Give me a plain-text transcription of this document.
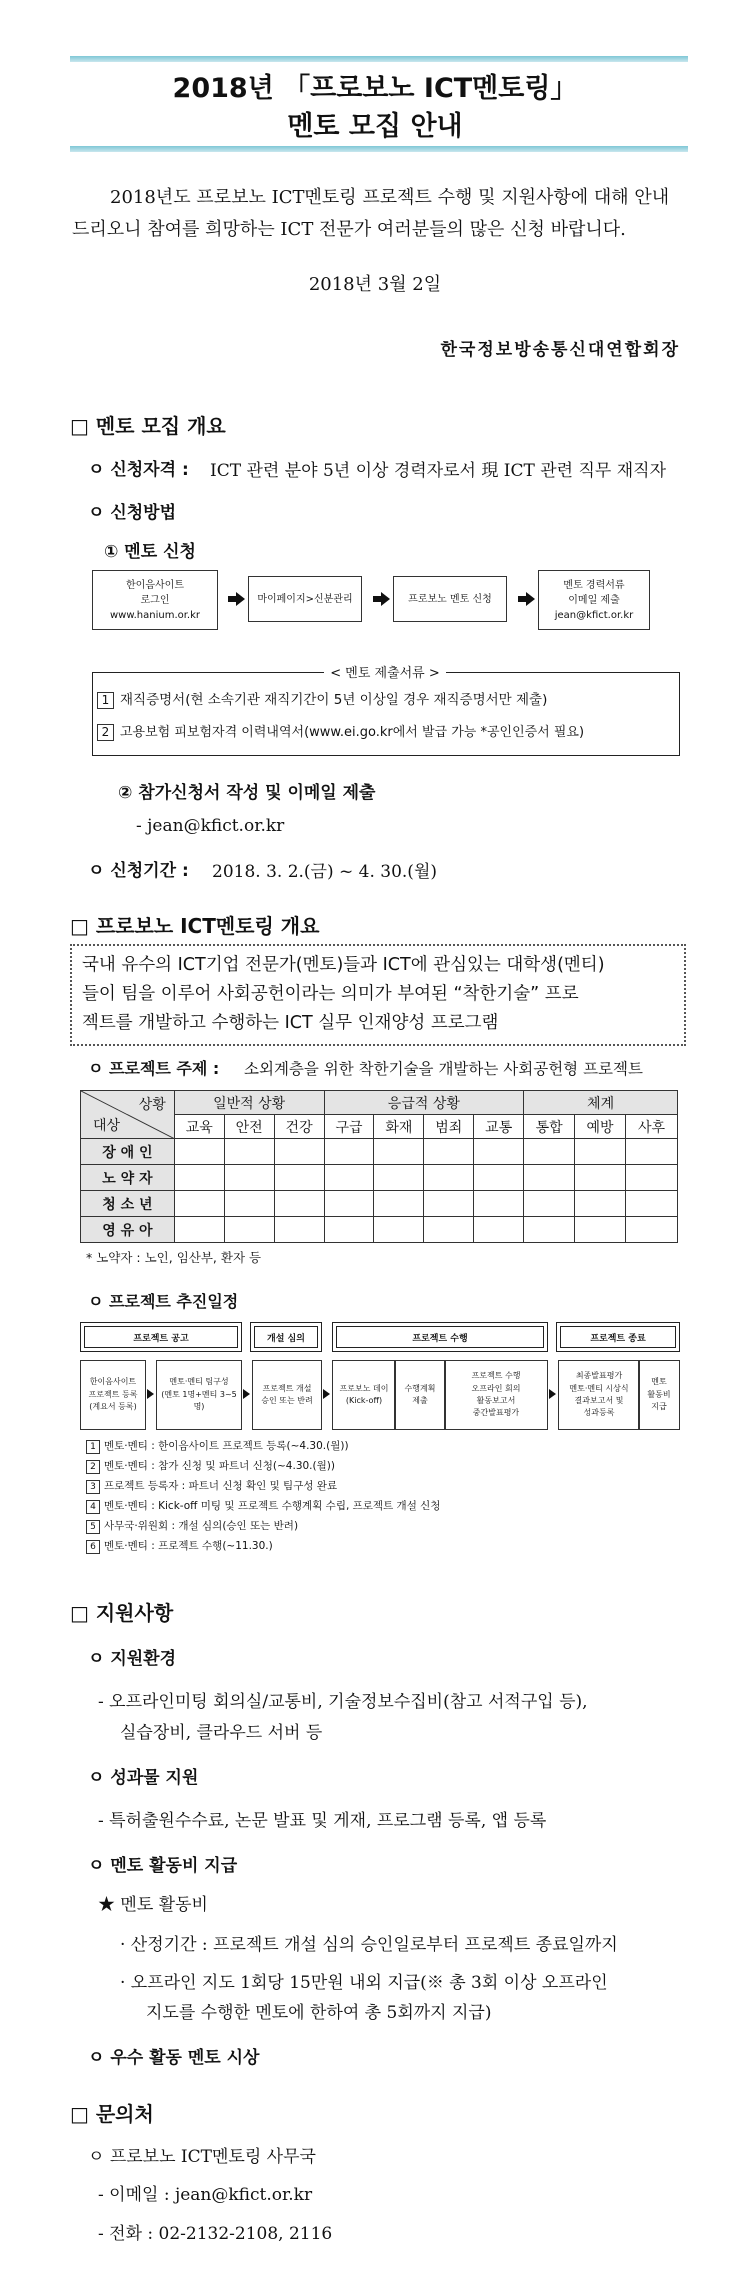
2018년 「프로보노 ICT멘토링」
멘토 모집 안내
2018년도 프로보노 ICT멘토링 프로젝트 수행 및 지원사항에 대해 안내
드리오니 참여를 희망하는 ICT 전문가 여러분들의 많은 신청 바랍니다.
2018년 3월 2일
한국정보방송통신대연합회장
□ 멘토 모집 개요
ㅇ 신청자격 : ICT 관련 분야 5년 이상 경력자로서 現 ICT 관련 직무 재직자
ㅇ 신청방법
① 멘토 신청
한이음사이트
로그인
www.hanium.or.kr
마이페이지>신분관리	프로보노 멘토 신청
멘토 경력서류
이메일 제출
jean@kfict.or.kr
< 멘토 제출서류 >
1 재직증명서(현 소속기관 재직기간이 5년 이상일 경우 재직증명서만 제출)
2 고용보험 피보험자격 이력내역서(www.ei.go.kr에서 발급 가능 *공인인증서 필요)
② 참가신청서 작성 및 이메일 제출
- jean@kfict.or.kr
ㅇ 신청기간 : 2018. 3. 2.(금) ~ 4. 30.(월)
□ 프로보노 ICT멘토링 개요
국내 유수의 ICT기업 전문가(멘토)들과 ICT에 관심있는 대학생(멘티)
들이 팀을 이루어 사회공헌이라는 의미가 부여된 “착한기술” 프로
젝트를 개발하고 수행하는 ICT 실무 인재양성 프로그램
ㅇ 프로젝트 주제 : 소외계층을 위한 착한기술을 개발하는 사회공헌형 프로젝트
상황
대상	일반적 상황			응급적 상황				체계		
	교육	안전	건강	구급	화재	범죄	교통	통합	예방	사후
장 애 인										
노 약 자										
청 소 년										
영 유 아										
* 노약자 : 노인, 임산부, 환자 등
ㅇ 프로젝트 추진일정
프로젝트 공고	개설 심의	프로젝트 수행	프로젝트 종료
한이음사이트
프로젝트 등록
(계요서 등록)
멘토·멘티 팀구성
(멘토 1명+멘티 3~5명)
프로젝트 개설
승인 또는 반려
프로보노 데이
(Kick-off)
수행계획
제출
프로젝트 수행
오프라인 회의
활동보고서
중간발표평가
최종발표평가
멘토·멘티 시상식
결과보고서 및
성과등록
멘토
활동비
지급
1 멘토·멘티 : 한이음사이트 프로젝트 등록(~4.30.(월))
2 멘토·멘티 : 참가 신청 및 파트너 신청(~4.30.(월))
3 프로젝트 등록자 : 파트너 신청 확인 및 팀구성 완료
4 멘토·멘티 : Kick-off 미팅 및 프로젝트 수행계획 수립, 프로젝트 개설 신청
5 사무국·위원회 : 개설 심의(승인 또는 반려)
6 멘토·멘티 : 프로젝트 수행(~11.30.)
□ 지원사항
ㅇ 지원환경
- 오프라인미팅 회의실/교통비, 기술정보수집비(참고 서적구입 등),
실습장비, 클라우드 서버 등
ㅇ 성과물 지원
- 특허출원수수료, 논문 발표 및 게재, 프로그램 등록, 앱 등록
ㅇ 멘토 활동비 지급
★ 멘토 활동비
· 산정기간 : 프로젝트 개설 심의 승인일로부터 프로젝트 종료일까지
· 오프라인 지도 1회당 15만원 내외 지급(※ 총 3회 이상 오프라인
지도를 수행한 멘토에 한하여 총 5회까지 지급)
ㅇ 우수 활동 멘토 시상
□ 문의처
ㅇ 프로보노 ICT멘토링 사무국
- 이메일 : jean@kfict.or.kr
- 전화 : 02-2132-2108, 2116
